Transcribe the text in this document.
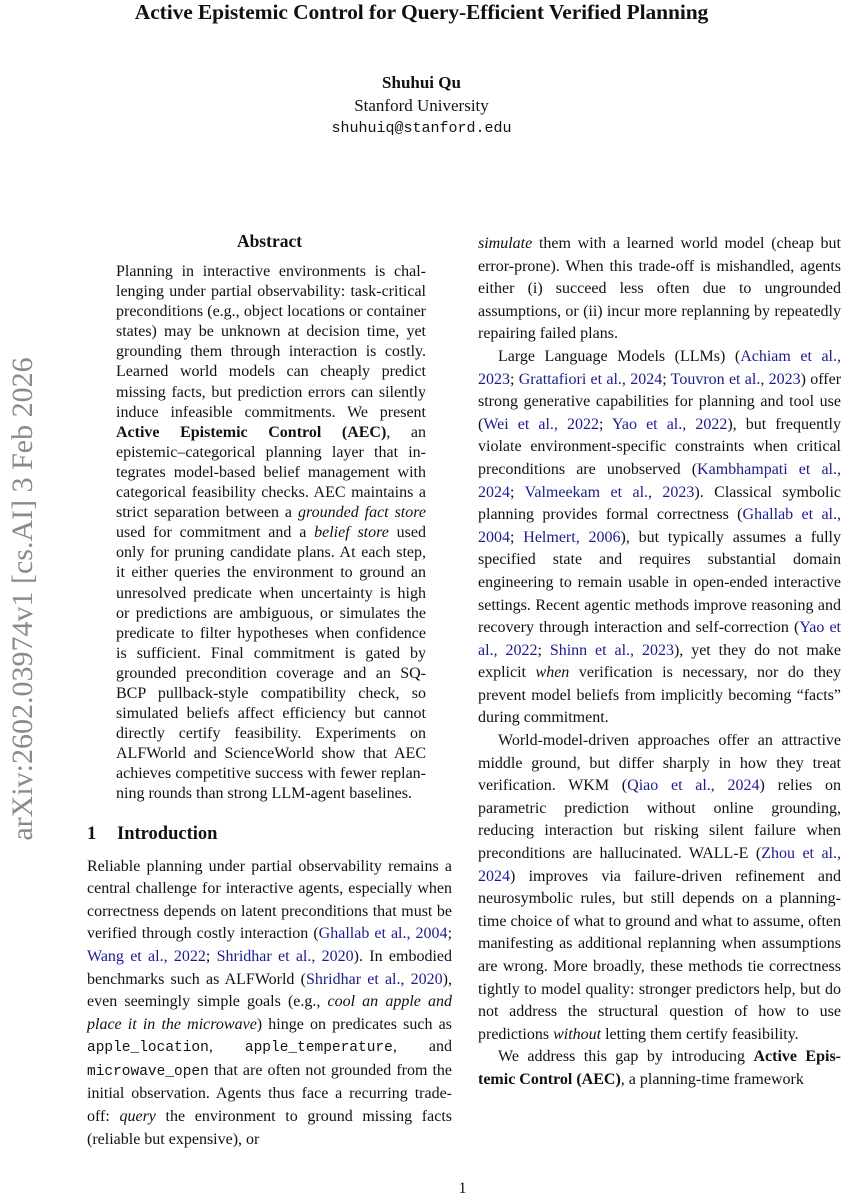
Active Epistemic Control for Query-Efficient Verified Planning
Shuhui Qu
Stanford University
shuhuiq@stanford.edu
arXiv:2602.03974v1 [cs.AI] 3 Feb 2026
Abstract

Planning in interactive environments is challenging under partial observability: task-critical preconditions (e.g., object locations or container states) may be unknown at decision time, yet grounding them through interaction is costly. Learned world models can cheaply predict missing facts, but prediction errors can silently induce infeasible commitments. We present Active Epistemic Control (AEC), an epistemic–categorical planning layer that integrates model-based belief management with categorical feasibility checks. AEC maintains a strict separation between a grounded fact store used for commitment and a belief store used only for pruning candidate plans. At each step, it either queries the environment to ground an unresolved predicate when uncertainty is high or predictions are ambiguous, or simulates the predicate to filter hypotheses when confidence is sufficient. Final commitment is gated by grounded precondition coverage and an SQ-BCP pullback-style compatibility check, so simulated beliefs affect efficiency but cannot directly certify feasibility. Experiments on ALFWorld and ScienceWorld show that AEC achieves competitive success with fewer replanning rounds than strong LLM-agent baselines.

1 Introduction

Reliable planning under partial observability remains a central challenge for interactive agents, especially when correctness depends on latent preconditions that must be verified through costly interaction (Ghallab et al., 2004; Wang et al., 2022; Shridhar et al., 2020). In embodied benchmarks such as ALFWorld (Shridhar et al., 2020), even seemingly simple goals (e.g., cool an apple and place it in the microwave) hinge on predicates such as apple_location, apple_temperature, and microwave_open that are often not grounded from the initial observation. Agents thus face a recurring trade-off: query the environment to ground missing facts (reliable but expensive), or

simulate them with a learned world model (cheap but error-prone). When this trade-off is mishandled, agents either (i) succeed less often due to ungrounded assumptions, or (ii) incur more replanning by repeatedly repairing failed plans.

Large Language Models (LLMs) (Achiam et al., 2023; Grattafiori et al., 2024; Touvron et al., 2023) offer strong generative capabilities for planning and tool use (Wei et al., 2022; Yao et al., 2022), but frequently violate environment-specific constraints when critical preconditions are unobserved (Kambhampati et al., 2024; Valmeekam et al., 2023). Classical symbolic planning provides formal correctness (Ghallab et al., 2004; Helmert, 2006), but typically assumes a fully specified state and requires substantial domain engineering to remain usable in open-ended interactive settings. Recent agentic methods improve reasoning and recovery through interaction and self-correction (Yao et al., 2022; Shinn et al., 2023), yet they do not make explicit when verification is necessary, nor do they prevent model beliefs from implicitly becoming “facts” during commitment.

World-model-driven approaches offer an attractive middle ground, but differ sharply in how they treat verification. WKM (Qiao et al., 2024) relies on parametric prediction without online grounding, reducing interaction but risking silent failure when preconditions are hallucinated. WALL-E (Zhou et al., 2024) improves via failure-driven refinement and neurosymbolic rules, but still depends on a planning-time choice of what to ground and what to assume, often manifesting as additional replanning when assumptions are wrong. More broadly, these methods tie correctness tightly to model quality: stronger predictors help, but do not address the structural question of how to use predictions without letting them certify feasibility.

We address this gap by introducing Active Epistemic Control (AEC), a planning-time framework

1
